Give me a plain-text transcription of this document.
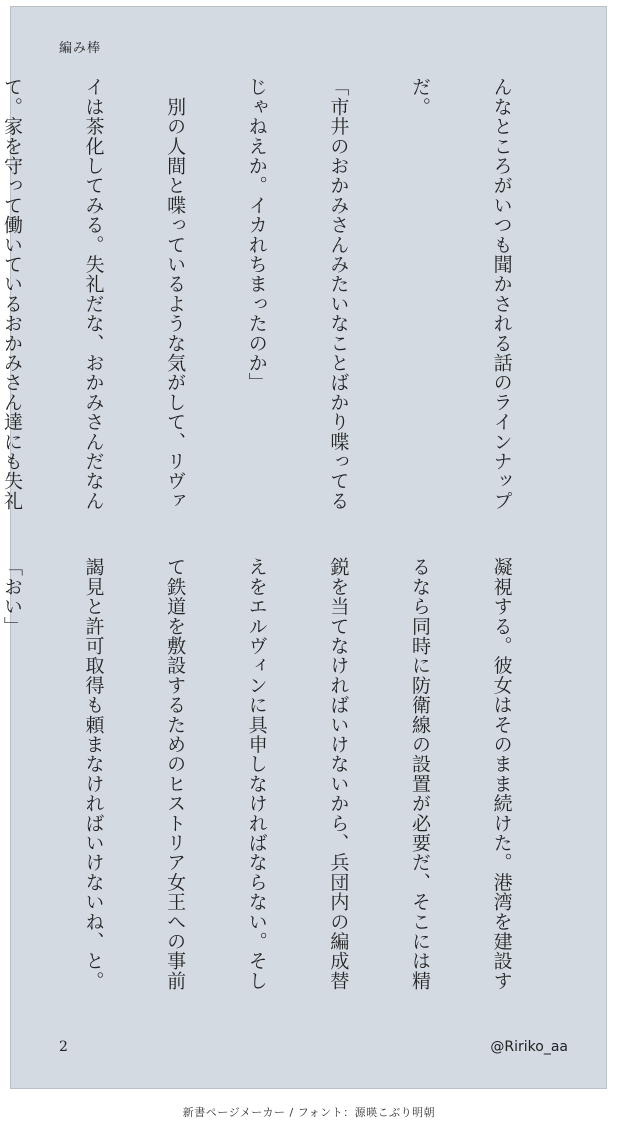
編み棒

んなところがいつも聞かされる話のラインナップ

だ。

「市井のおかみさんみたいなことばかり喋ってる

じゃねえか。イカれちまったのか」

　別の人間と喋っているような気がして、リヴァ

イは茶化してみる。失礼だな、おかみさんだなん

て。家を守って働いているおかみさん達にも失礼

凝視する。彼女はそのまま続けた。港湾を建設す

るなら同時に防衛線の設置が必要だ、そこには精

鋭を当てなければいけないから、兵団内の編成替

えをエルヴィンに具申しなければならない。そし

て鉄道を敷設するためのヒストリア女王への事前

謁見と許可取得も頼まなければいけないね、と。

「おい」

2	@Ririko_aa
新書ページメーカー / フォント：源暎こぶり明朝
